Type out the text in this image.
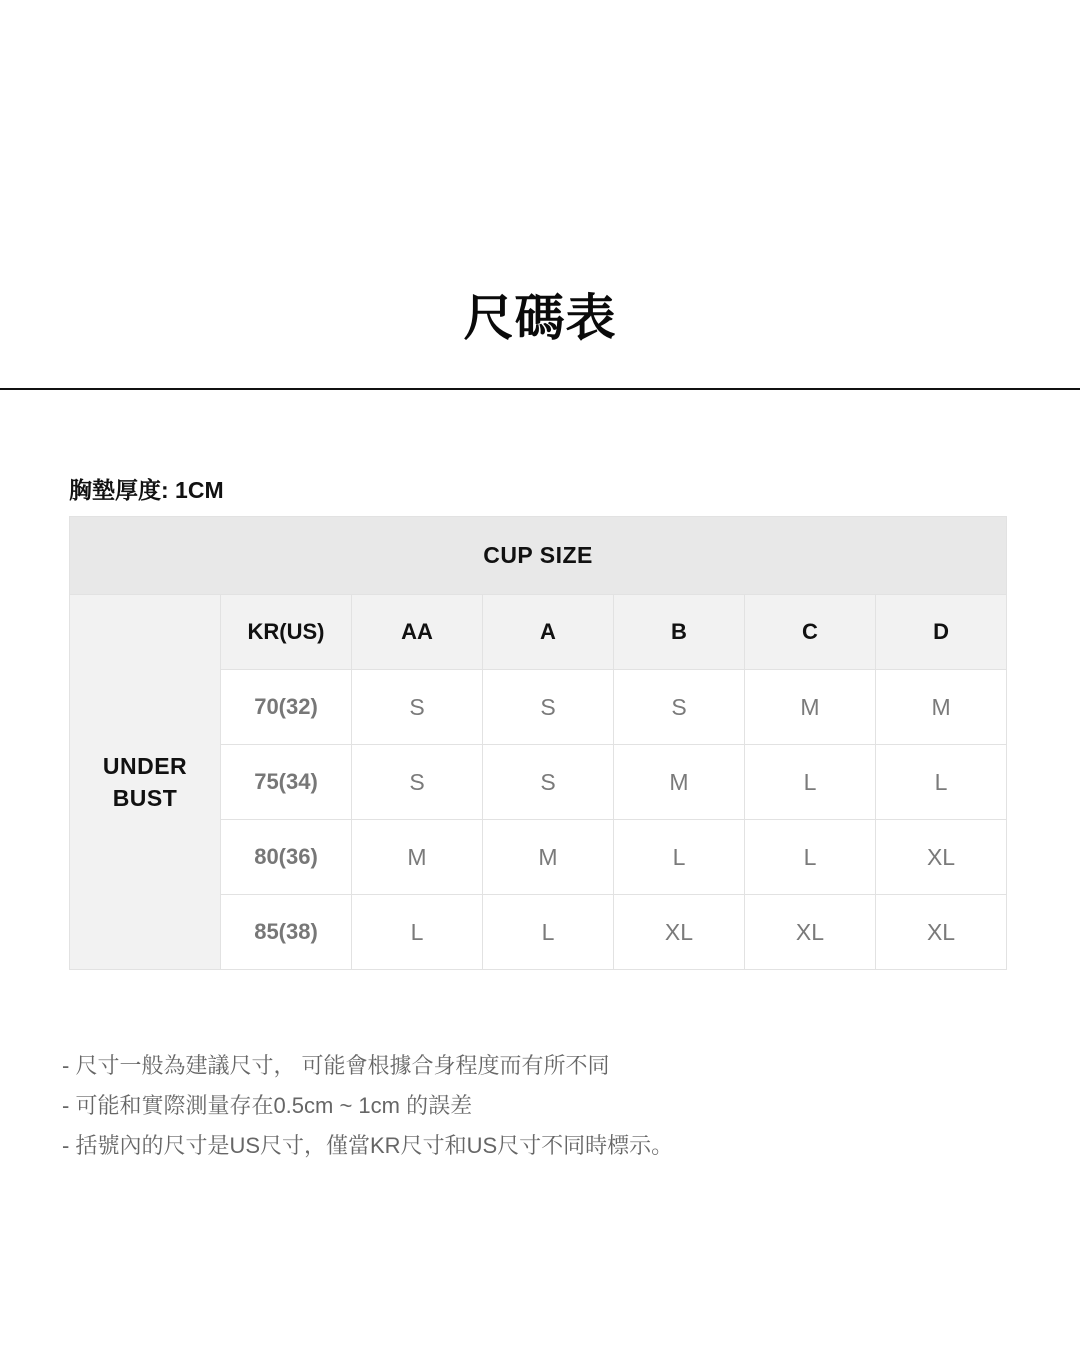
尺碼表

胸墊厚度: 1CM

CUP SIZE						
UNDER
BUST	KR(US)	AA	A	B	C	D
	70(32)	S	S	S	M	M
	75(34)	S	S	M	L	L
	80(36)	M	M	L	L	XL
	85(38)	L	L	XL	XL	XL
- 尺寸一般為建議尺寸， 可能會根據合身程度而有所不同
- 可能和實際測量存在0.5cm ~ 1cm 的誤差
- 括號內的尺寸是US尺寸，僅當KR尺寸和US尺寸不同時標示。
